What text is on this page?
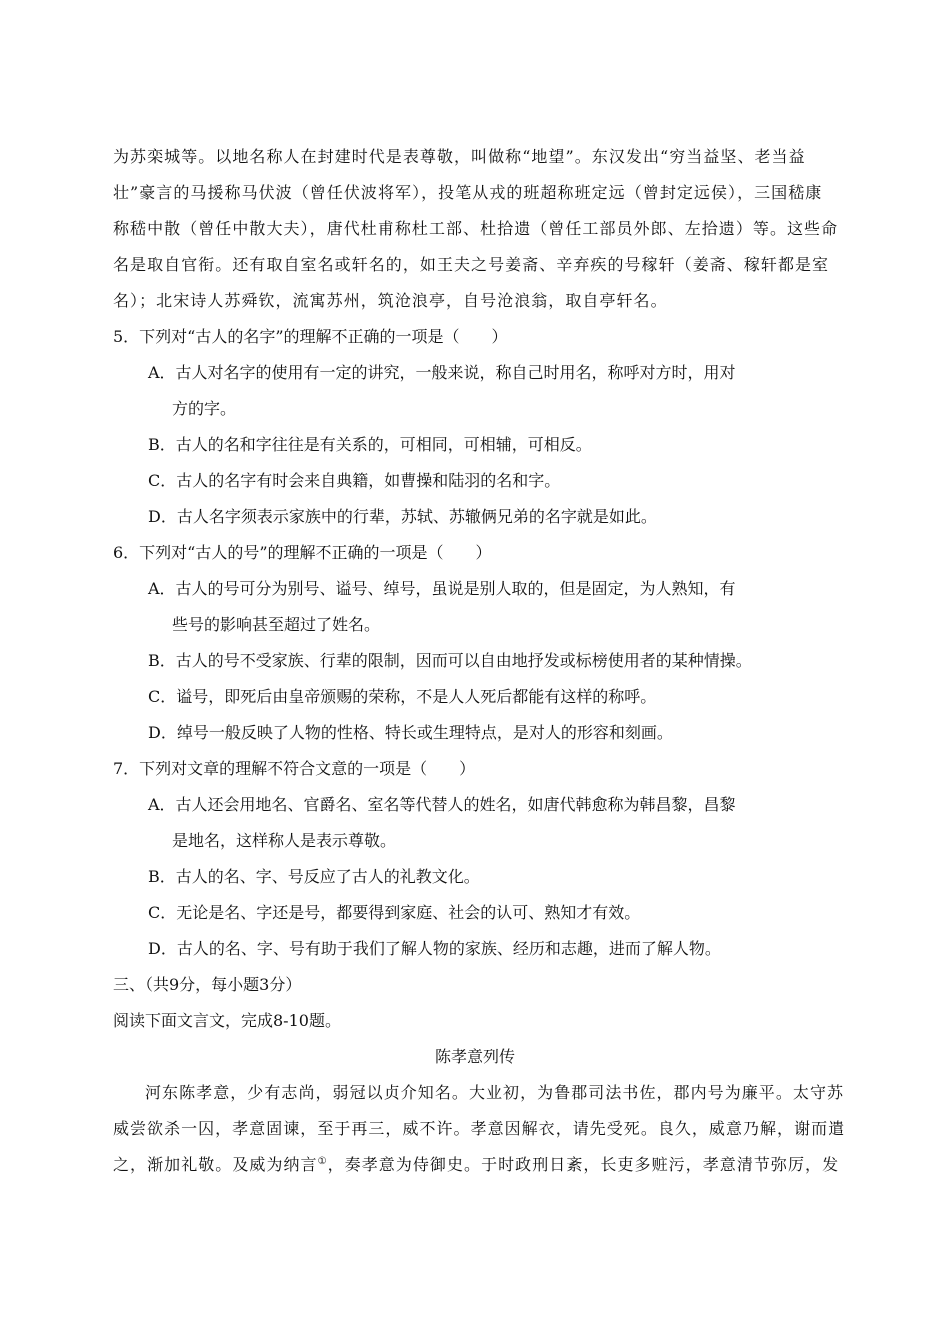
为苏栾城等。以地名称人在封建时代是表尊敬，叫做称“地望”。东汉发出“穷当益坚、老当益
壮”豪言的马援称马伏波（曾任伏波将军），投笔从戎的班超称班定远（曾封定远侯），三国嵇康
称嵇中散（曾任中散大夫），唐代杜甫称杜工部、杜拾遗（曾任工部员外郎、左拾遗）等。这些命
名是取自官衔。还有取自室名或轩名的，如王夫之号姜斋、辛弃疾的号稼轩（姜斋、稼轩都是室
名）；北宋诗人苏舜钦，流寓苏州，筑沧浪亭，自号沧浪翁，取自亭轩名。
5．下列对“古人的名字”的理解不正确的一项是（　　）
A．古人对名字的使用有一定的讲究，一般来说，称自己时用名，称呼对方时，用对
方的字。
B．古人的名和字往往是有关系的，可相同，可相辅，可相反。
C．古人的名字有时会来自典籍，如曹操和陆羽的名和字。
D．古人名字须表示家族中的行辈，苏轼、苏辙俩兄弟的名字就是如此。
6．下列对“古人的号”的理解不正确的一项是（　　）
A．古人的号可分为别号、谥号、绰号，虽说是别人取的，但是固定，为人熟知，有
些号的影响甚至超过了姓名。
B．古人的号不受家族、行辈的限制，因而可以自由地抒发或标榜使用者的某种情操。
C．谥号，即死后由皇帝颁赐的荣称，不是人人死后都能有这样的称呼。
D．绰号一般反映了人物的性格、特长或生理特点，是对人的形容和刻画。
7．下列对文章的理解不符合文意的一项是（　　）
A．古人还会用地名、官爵名、室名等代替人的姓名，如唐代韩愈称为韩昌黎，昌黎
是地名，这样称人是表示尊敬。
B．古人的名、字、号反应了古人的礼教文化。
C．无论是名、字还是号，都要得到家庭、社会的认可、熟知才有效。
D．古人的名、字、号有助于我们了解人物的家族、经历和志趣，进而了解人物。
三、（共9分，每小题3分）
阅读下面文言文，完成8-10题。
陈孝意列传
河东陈孝意，少有志尚，弱冠以贞介知名。大业初，为鲁郡司法书佐，郡内号为廉平。太守苏
威尝欲杀一囚，孝意固谏，至于再三，威不许。孝意因解衣，请先受死。良久，威意乃解，谢而遣
之，渐加礼敬。及威为纳言①，奏孝意为侍御史。于时政刑日紊，长吏多赃污，孝意清节弥厉，发
